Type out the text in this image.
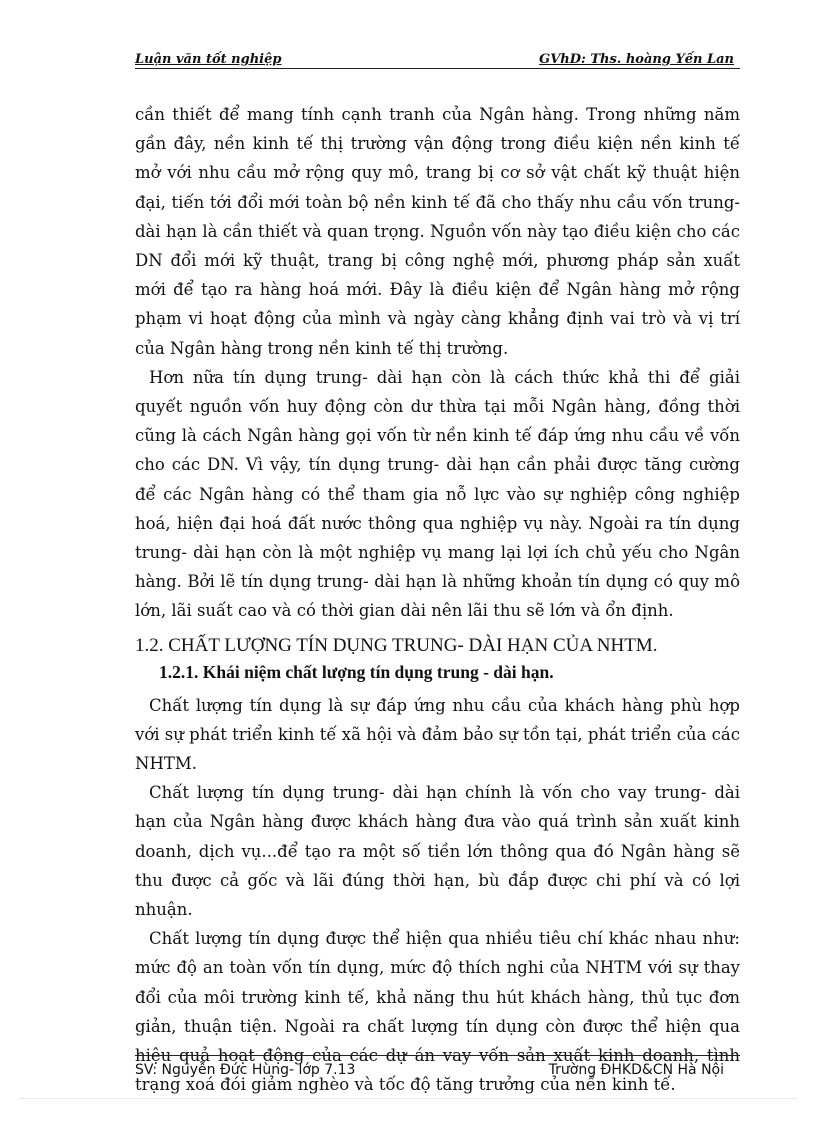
Luận văn tốt nghiệp	GVhD: Ths. hoàng Yến Lan

cần thiết để mang tính cạnh tranh của Ngân hàng. Trong những năm gần đây, nền kinh tế thị trường vận động trong điều kiện nền kinh tế mở với nhu cầu mở rộng quy mô, trang bị cơ sở vật chất kỹ thuật hiện đại, tiến tới đổi mới toàn bộ nền kinh tế đã cho thấy nhu cầu vốn trung- dài hạn là cần thiết và quan trọng. Nguồn vốn này tạo điều kiện cho các DN đổi mới kỹ thuật, trang bị công nghệ mới, phương pháp sản xuất mới để tạo ra hàng hoá mới. Đây là điều kiện để Ngân hàng mở rộng phạm vi hoạt động của mình và ngày càng khẳng định vai trò và vị trí của Ngân hàng trong nền kinh tế thị trường.

Hơn nữa tín dụng trung- dài hạn còn là cách thức khả thi để giải quyết nguồn vốn huy động còn dư thừa tại mỗi Ngân hàng, đồng thời cũng là cách Ngân hàng gọi vốn từ nền kinh tế đáp ứng nhu cầu về vốn cho các DN. Vì vậy, tín dụng trung- dài hạn cần phải được tăng cường để các Ngân hàng có thể tham gia nỗ lực vào sự nghiệp công nghiệp hoá, hiện đại hoá đất nước thông qua nghiệp vụ này. Ngoài ra tín dụng trung- dài hạn còn là một nghiệp vụ mang lại lợi ích chủ yếu cho Ngân hàng. Bởi lẽ tín dụng trung- dài hạn là những khoản tín dụng có quy mô lớn, lãi suất cao và có thời gian dài nên lãi thu sẽ lớn và ổn định.

1.2. CHẤT LƯỢNG TÍN DỤNG TRUNG- DÀI HẠN CỦA NHTM.
1.2.1. Khái niệm chất lượng tín dụng trung - dài hạn.

Chất lượng tín dụng là sự đáp ứng nhu cầu của khách hàng phù hợp với sự phát triển kinh tế xã hội và đảm bảo sự tồn tại, phát triển của các NHTM.

Chất lượng tín dụng trung- dài hạn chính là vốn cho vay trung- dài hạn của Ngân hàng được khách hàng đưa vào quá trình sản xuất kinh doanh, dịch vụ...để tạo ra một số tiền lớn thông qua đó Ngân hàng sẽ thu được cả gốc và lãi đúng thời hạn, bù đắp được chi phí và có lợi nhuận.

Chất lượng tín dụng được thể hiện qua nhiều tiêu chí khác nhau như: mức độ an toàn vốn tín dụng, mức độ thích nghi của NHTM với sự thay đổi của môi trường kinh tế, khả năng thu hút khách hàng, thủ tục đơn giản, thuận tiện. Ngoài ra chất lượng tín dụng còn được thể hiện qua hiệu quả hoạt động của các dự án vay vốn sản xuất kinh doanh, tình trạng xoá đói giảm nghèo và tốc độ tăng trưởng của nền kinh tế.

SV: Nguyễn Đức Hùng- lớp 7.13	Trường ĐHKD&CN Hà Nội
